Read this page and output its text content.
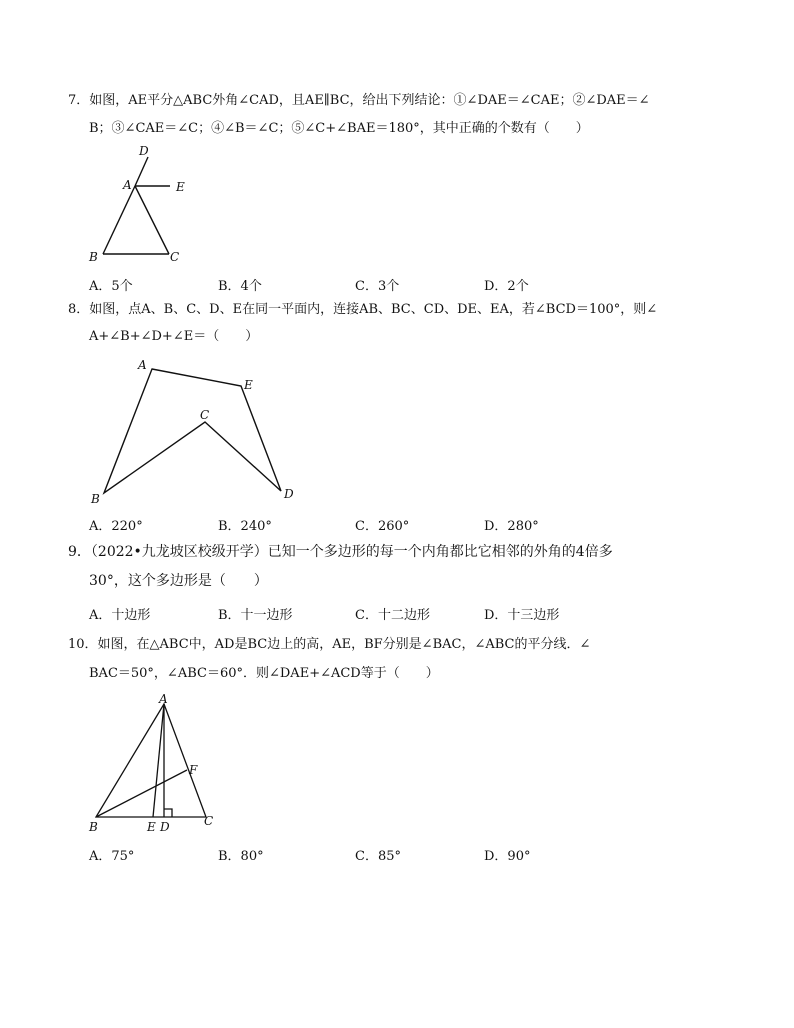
7．如图，AE平分△ABC外角∠CAD，且AE∥BC，给出下列结论：①∠DAE＝∠CAE；②∠DAE＝∠
B；③∠CAE＝∠C；④∠B＝∠C；⑤∠C+∠BAE＝180°，其中正确的个数有（　　）
D
A	E
B	C
A．5个	B．4个	C．3个	D．2个
8．如图，点A、B、C、D、E在同一平面内，连接AB、BC、CD、DE、EA，若∠BCD＝100°，则∠
A+∠B+∠D+∠E＝（　　）
A
E
C
B	D
A．220°	B．240°	C．260°	D．280°
9．（2022•九龙坡区校级开学）已知一个多边形的每一个内角都比它相邻的外角的4倍多
30°，这个多边形是（　　）
A．十边形	B．十一边形	C．十二边形	D．十三边形
10．如图，在△ABC中，AD是BC边上的高，AE，BF分别是∠BAC，∠ABC的平分线．∠
BAC＝50°，∠ABC＝60°．则∠DAE+∠ACD等于（　　）
A
F
B	E D	C
A．75°	B．80°	C．85°	D．90°
